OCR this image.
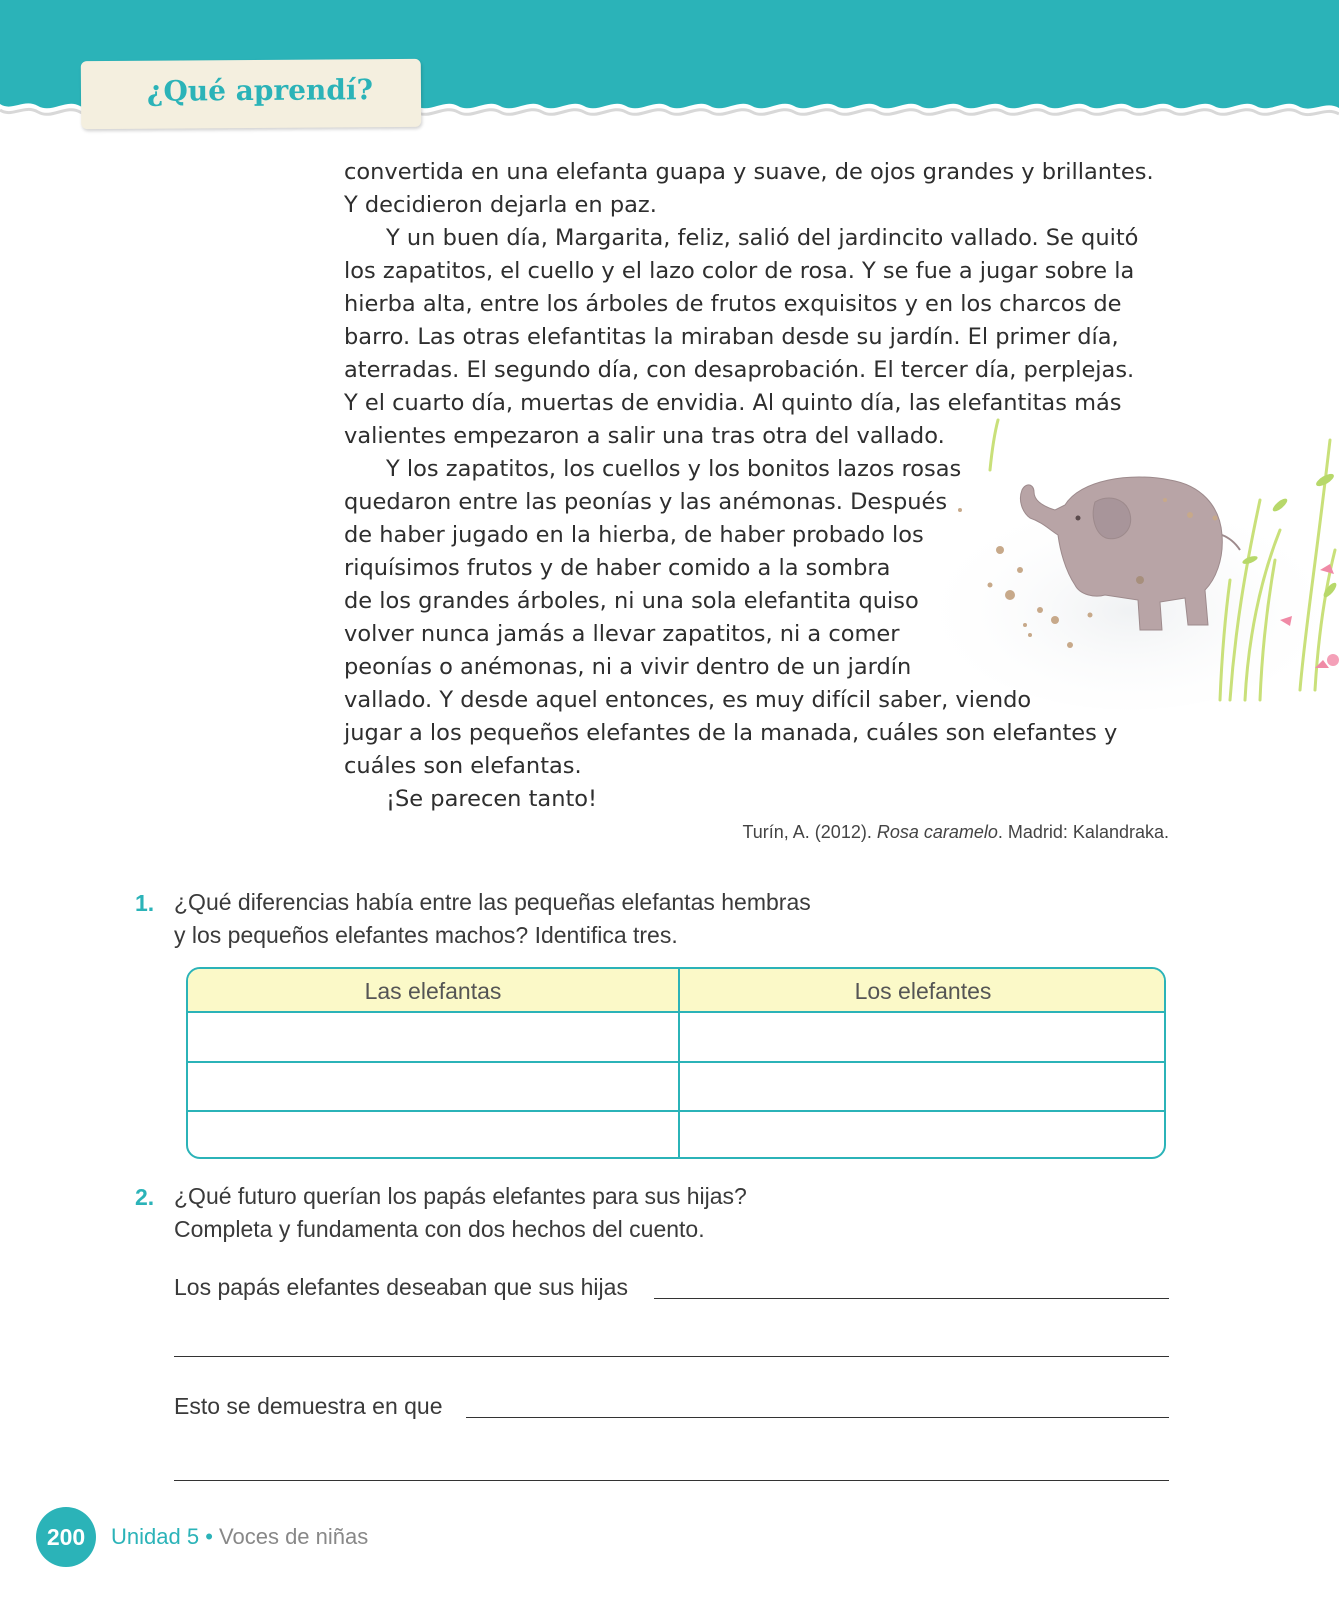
¿Qué aprendí?
convertida en una elefanta guapa y suave, de ojos grandes y brillantes.
Y decidieron dejarla en paz.
Y un buen día, Margarita, feliz, salió del jardincito vallado. Se quitó
los zapatitos, el cuello y el lazo color de rosa. Y se fue a jugar sobre la
hierba alta, entre los árboles de frutos exquisitos y en los charcos de
barro. Las otras elefantitas la miraban desde su jardín. El primer día,
aterradas. El segundo día, con desaprobación. El tercer día, perplejas.
Y el cuarto día, muertas de envidia. Al quinto día, las elefantitas más
valientes empezaron a salir una tras otra del vallado.
Y los zapatitos, los cuellos y los bonitos lazos rosas
quedaron entre las peonías y las anémonas. Después
de haber jugado en la hierba, de haber probado los
riquísimos frutos y de haber comido a la sombra
de los grandes árboles, ni una sola elefantita quiso
volver nunca jamás a llevar zapatitos, ni a comer
peonías o anémonas, ni a vivir dentro de un jardín
vallado. Y desde aquel entonces, es muy difícil saber, viendo
jugar a los pequeños elefantes de la manada, cuáles son elefantes y
cuáles son elefantas.
¡Se parecen tanto!
Turín, A. (2012). Rosa caramelo. Madrid: Kalandraka.
1. ¿Qué diferencias había entre las pequeñas elefantas hembras
y los pequeños elefantes machos? Identifica tres.
Las elefantas	Los elefantes
2. ¿Qué futuro querían los papás elefantes para sus hijas?
Completa y fundamenta con dos hechos del cuento.
Los papás elefantes deseaban que sus hijas
Esto se demuestra en que
200	Unidad 5 • Voces de niñas
